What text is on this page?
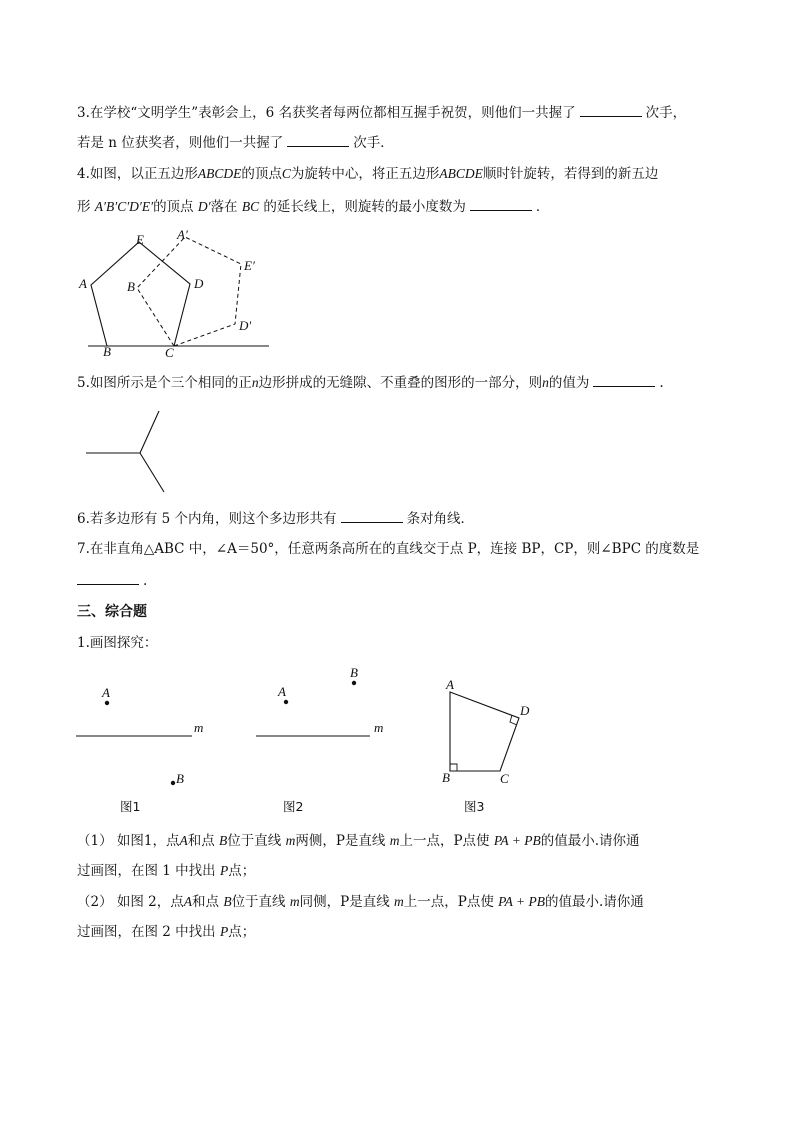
3.在学校“文明学生”表彰会上，6 名获奖者每两位都相互握手祝贺，则他们一共握了	次手，
若是 n 位获奖者，则他们一共握了	次手．
4.如图，以正五边形ABCDE的顶点C为旋转中心，将正五边形ABCDE顺时针旋转，若得到的新五边
形 A′B′C′D′E′的顶点 D′落在 BC 的延长线上，则旋转的最小度数为	．
E
A	D
B	C
B
A′
E′
D′
5.如图所示是个三个相同的正n边形拼成的无缝隙、不重叠的图形的一部分，则n的值为	.
6.若多边形有 5 个内角，则这个多边形共有	条对角线．
7.在非直角△ABC 中，∠A＝50°，任意两条高所在的直线交于点 P，连接 BP，CP，则∠BPC 的度数是
.
三、综合题
1.画图探究：
A
m
B
图1
A
B
m
图2
A
B	C
D
图3
（1） 如图1，点A和点 B位于直线 m两侧，P是直线 m上一点，P点使 PA + PB的值最小.请你通
过画图，在图 1 中找出 P点；
（2） 如图 2，点A和点 B位于直线 m同侧，P是直线 m上一点，P点使 PA + PB的值最小.请你通
过画图，在图 2 中找出 P点；
